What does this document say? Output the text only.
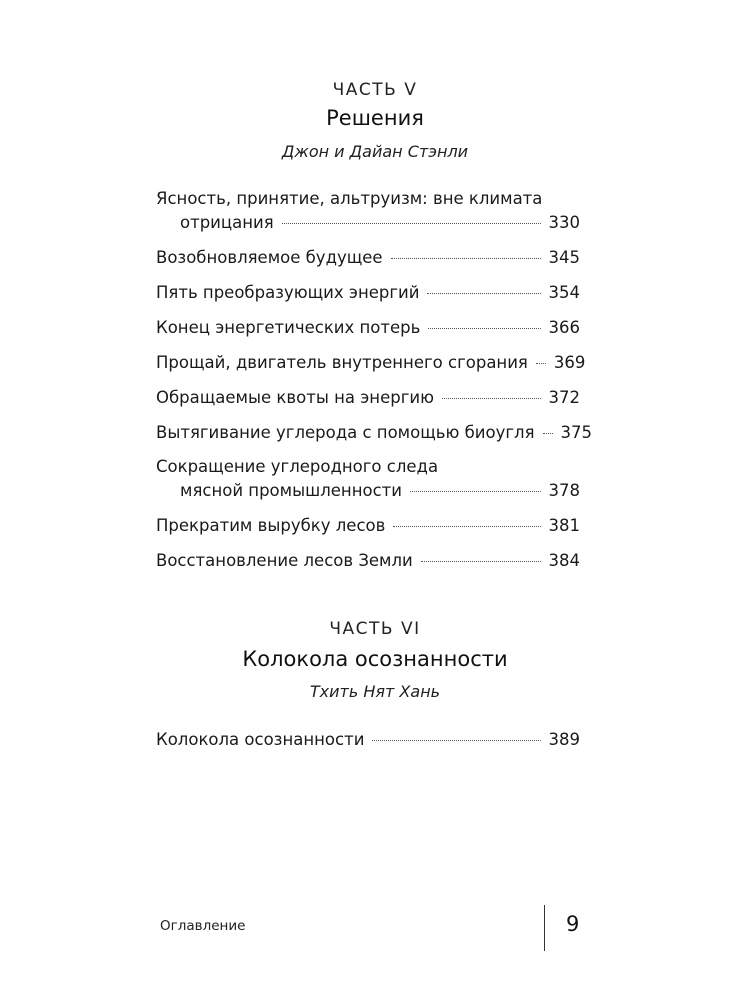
ЧАСТЬ V
Решения
Джон и Дайан Стэнли
Ясность, принятие, альтруизм: вне климата
отрицания	330
Возобновляемое будущее	345
Пять преобразующих энергий	354
Конец энергетических потерь	366
Прощай, двигатель внутреннего сгорания 369
Обращаемые квоты на энергию	372
Вытягивание углерода с помощью биоугля 375
Сокращение углеродного следа
мясной промышленности	378
Прекратим вырубку лесов	381
Восстановление лесов Земли	384
ЧАСТЬ VI
Колокола осознанности
Тхить Нят Хань
Колокола осознанности	389
Оглавление	9
